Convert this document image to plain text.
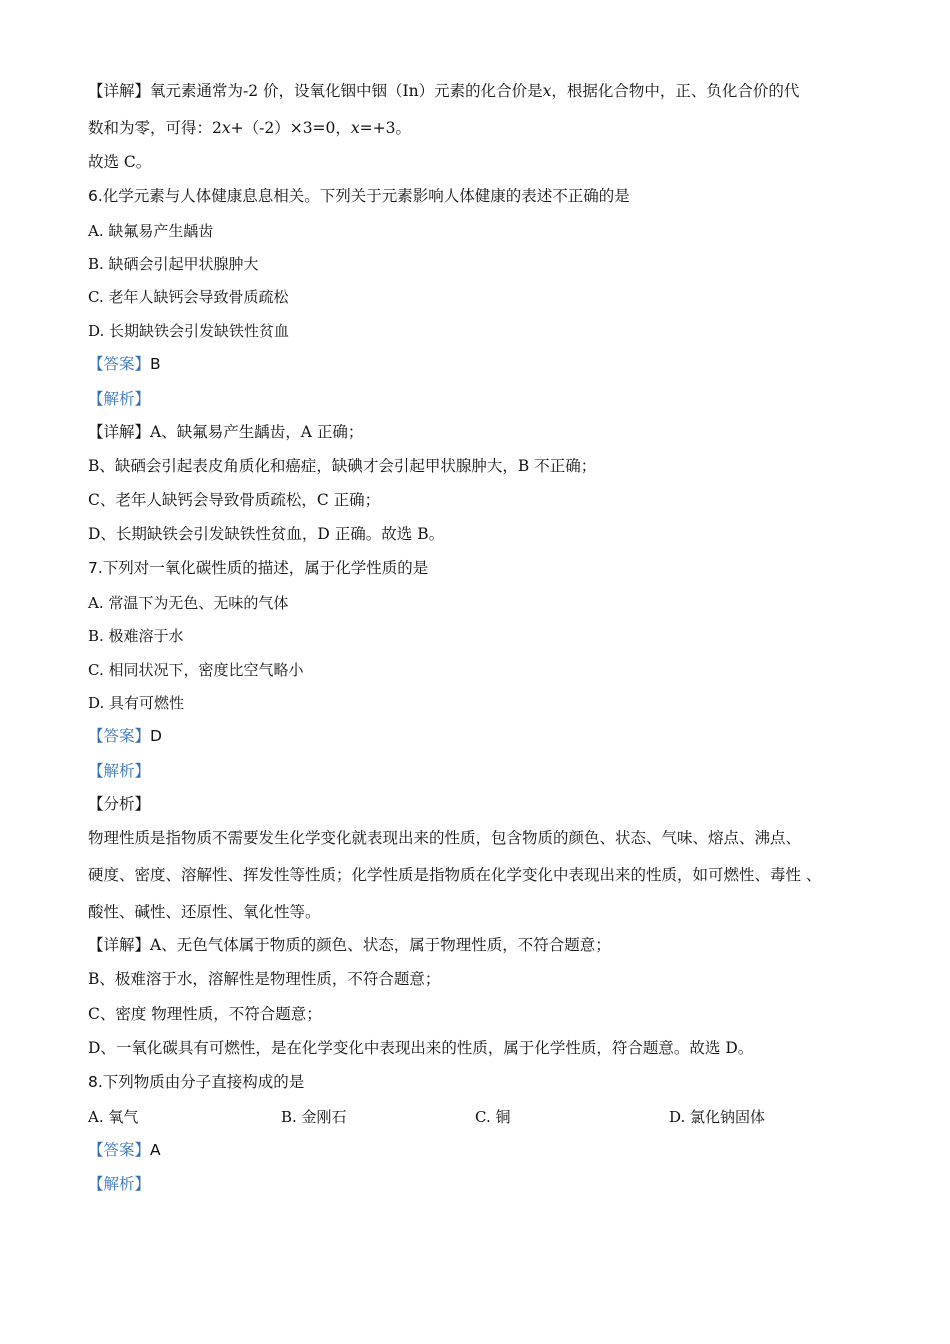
【详解】氧元素通常为-2 价，设氧化铟中铟（In）元素的化合价是x，根据化合物中，正、负化合价的代
数和为零，可得：2x+（-2）×3=0，x=+3。
故选 C。
6.化学元素与人体健康息息相关。下列关于元素影响人体健康的表述不正确的是
A. 缺氟易产生龋齿
B. 缺硒会引起甲状腺肿大
C. 老年人缺钙会导致骨质疏松
D. 长期缺铁会引发缺铁性贫血
【答案】B
【解析】
【详解】A、缺氟易产生龋齿，A 正确；
B、缺硒会引起表皮角质化和癌症，缺碘才会引起甲状腺肿大，B 不正确；
C、老年人缺钙会导致骨质疏松，C 正确；
D、长期缺铁会引发缺铁性贫血，D 正确。故选 B。
7.下列对一氧化碳性质的描述，属于化学性质的是
A. 常温下为无色、无味的气体
B. 极难溶于水
C. 相同状况下，密度比空气略小
D. 具有可燃性
【答案】D
【解析】
【分析】
物理性质是指物质不需要发生化学变化就表现出来的性质，包含物质的颜色、状态、气味、熔点、沸点、
硬度、密度、溶解性、挥发性等性质；化学性质是指物质在化学变化中表现出来的性质，如可燃性、毒性 、
酸性、碱性、还原性、氧化性等。
【详解】A、无色气体属于物质的颜色、状态，属于物理性质，不符合题意；
B、极难溶于水，溶解性是物理性质，不符合题意；
C、密度 物理性质，不符合题意；
D、一氧化碳具有可燃性，是在化学变化中表现出来的性质，属于化学性质，符合题意。故选 D。
8.下列物质由分子直接构成的是
A. 氧气	B. 金刚石	C. 铜	D. 氯化钠固体
【答案】A
【解析】
